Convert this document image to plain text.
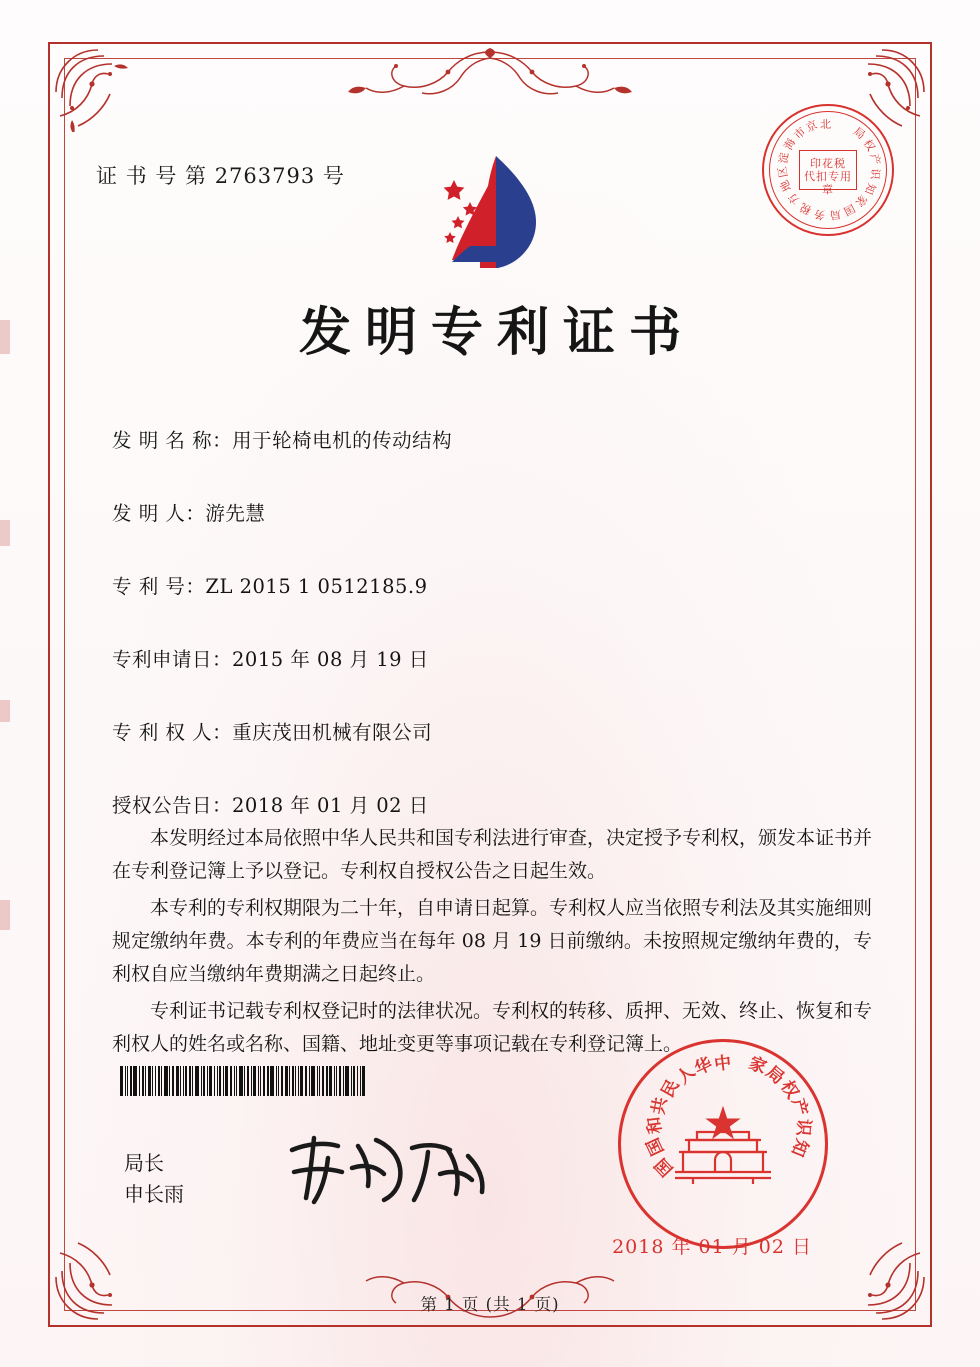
证 书 号 第 2763793 号
北
京
市
海
淀
区
地
方
税 务 局 国
家
知
识
产
权
局
印花税
代扣专用章
发明专利证书
发 明 名 称： 用于轮椅电机的传动结构
发 明 人： 游先慧
专 利 号： ZL 2015 1 0512185.9
专利申请日： 2015 年 08 月 19 日
专 利 权 人： 重庆茂田机械有限公司
授权公告日： 2018 年 01 月 02 日

本发明经过本局依照中华人民共和国专利法进行审查，决定授予专利权，颁发本证书并在专利登记簿上予以登记。专利权自授权公告之日起生效。

本专利的专利权期限为二十年，自申请日起算。专利权人应当依照专利法及其实施细则规定缴纳年费。本专利的年费应当在每年 08 月 19 日前缴纳。未按照规定缴纳年费的，专利权自应当缴纳年费期满之日起终止。

专利证书记载专利权登记时的法律状况。专利权的转移、质押、无效、终止、恢复和专利权人的姓名或名称、国籍、地址变更等事项记载在专利登记簿上。

局长
申长雨
中
华
人
民
共
和
国
国
局
权
产
识
知
家
★
2018 年 01 月 02 日
第 1 页 (共 1 页)
